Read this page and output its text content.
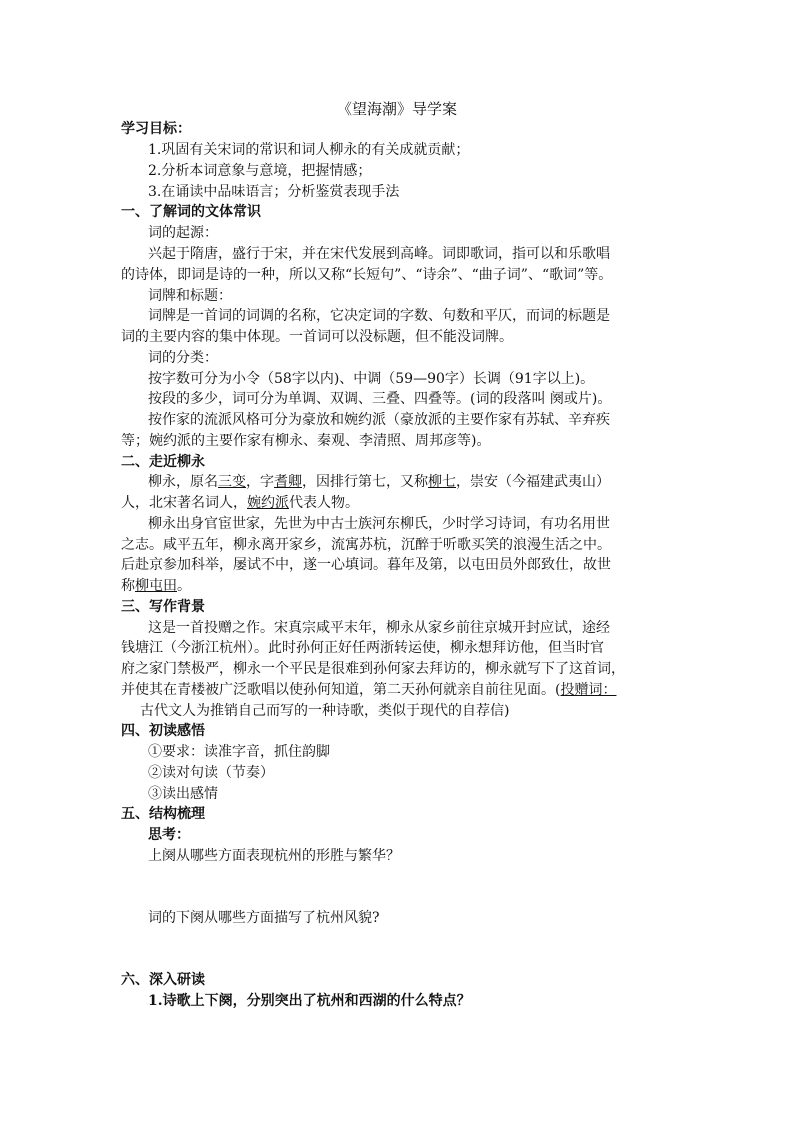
《望海潮》导学案
学习目标：
1.巩固有关宋词的常识和词人柳永的有关成就贡献；
2.分析本词意象与意境，把握情感；
3.在诵读中品味语言；分析鉴赏表现手法
一、了解词的文体常识
词的起源：
兴起于隋唐，盛行于宋，并在宋代发展到高峰。词即歌词，指可以和乐歌唱
的诗体，即词是诗的一种，所以又称“长短句”、“诗余”、“曲子词”、“歌词”等。
词牌和标题：
词牌是一首词的词调的名称，它决定词的字数、句数和平仄，而词的标题是
词的主要内容的集中体现。一首词可以没标题，但不能没词牌。
词的分类：
按字数可分为小令（58字以内)、中调（59—90字）长调（91字以上)。
按段的多少，词可分为单调、双调、三叠、四叠等。(词的段落叫 阕或片)。
按作家的流派风格可分为豪放和婉约派（豪放派的主要作家有苏轼、辛弃疾
等；婉约派的主要作家有柳永、秦观、李清照、周邦彦等)。
二、走近柳永
柳永，原名三变，字耆卿，因排行第七，又称柳七，崇安（今福建武夷山）
人，北宋著名词人，婉约派代表人物。
柳永出身官宦世家，先世为中古士族河东柳氏，少时学习诗词，有功名用世
之志。咸平五年，柳永离开家乡，流寓苏杭，沉醉于听歌买笑的浪漫生活之中。
后赴京参加科举，屡试不中，遂一心填词。暮年及第，以屯田员外郎致仕，故世
称柳屯田。
三、写作背景
这是一首投赠之作。宋真宗咸平末年，柳永从家乡前往京城开封应试，途经
钱塘江（今浙江杭州）。此时孙何正好任两浙转运使，柳永想拜访他，但当时官
府之家门禁极严，柳永一个平民是很难到孙何家去拜访的，柳永就写下了这首词，
并使其在青楼被广泛歌唱以使孙何知道，第二天孙何就亲自前往见面。(投赠词：
古代文人为推销自己而写的一种诗歌，类似于现代的自荐信)
四、初读感悟
①要求：读准字音，抓住韵脚
②读对句读（节奏）
③读出感情
五、结构梳理
思考：
上阕从哪些方面表现杭州的形胜与繁华？
词的下阕从哪些方面描写了杭州风貌?
六、深入研读
1.诗歌上下阕，分别突出了杭州和西湖的什么特点？
